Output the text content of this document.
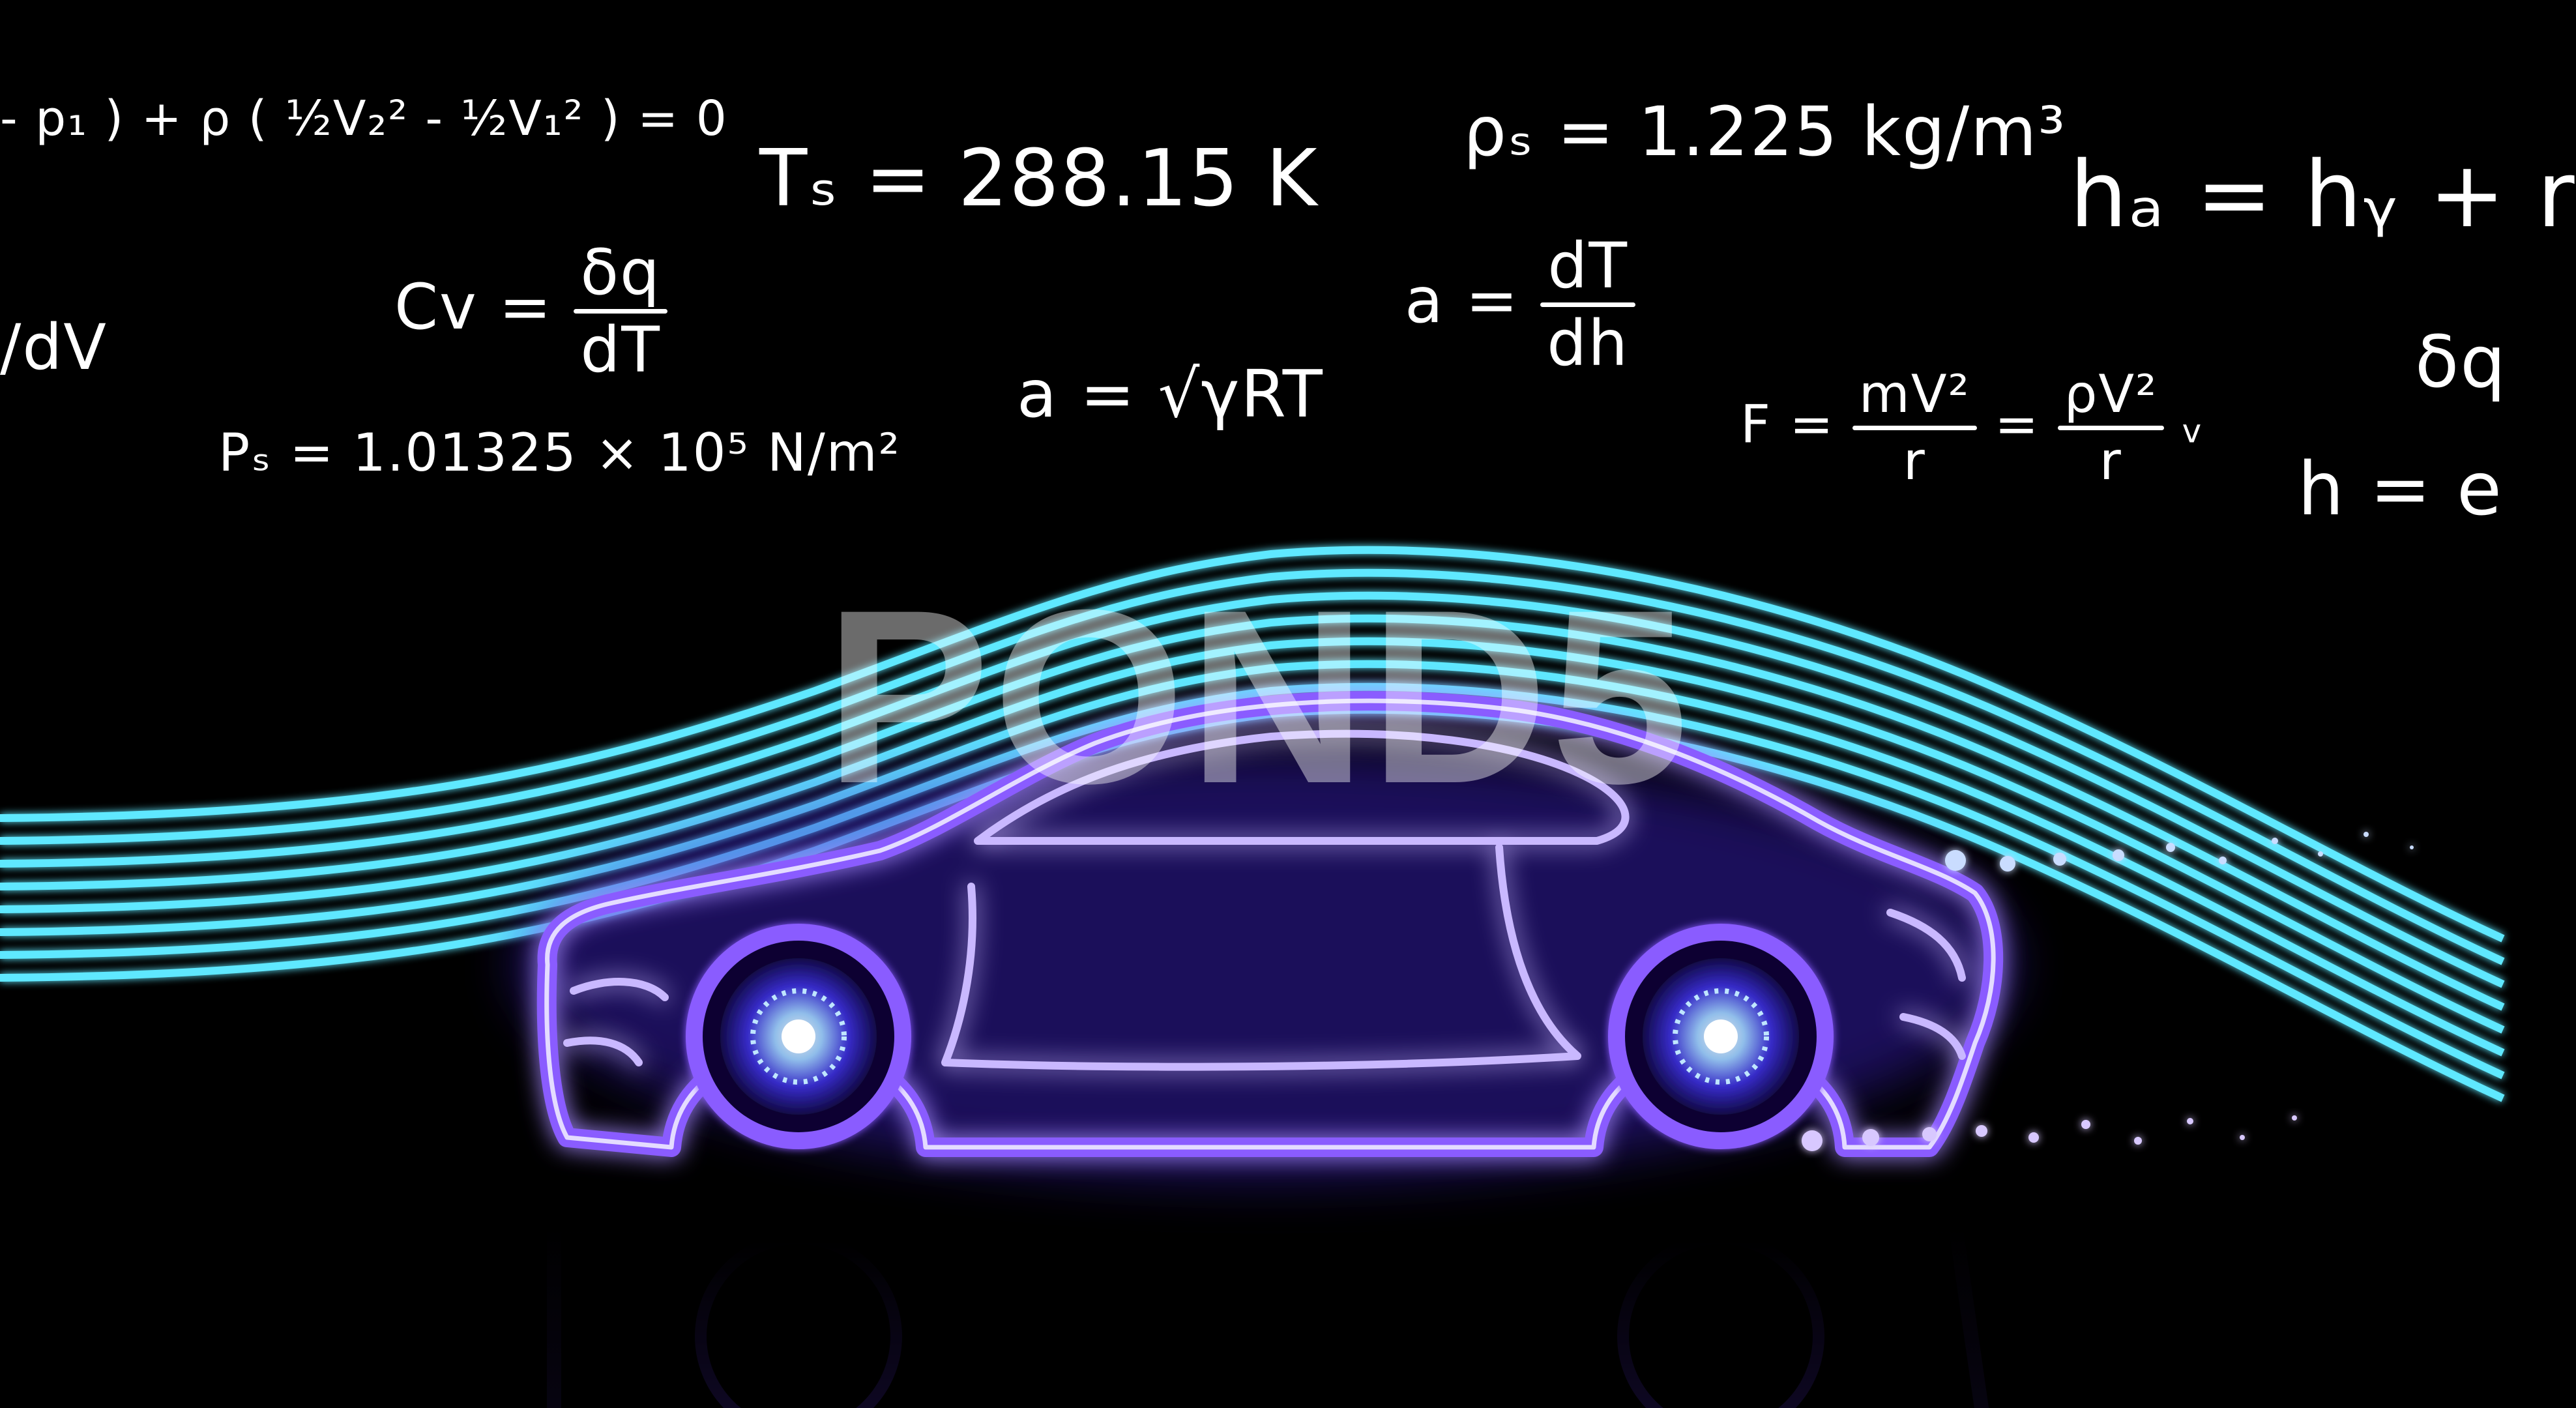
- p₁ ) + ρ ( ½V₂² - ½V₁² ) = 0
Tₛ = 288.15 K
ρₛ = 1.225 kg/m³
hₐ = hᵧ + r
/dV
Cv = δq
dT
a = √γRT
a = dT
dh	δq
Pₛ = 1.01325 × 10⁵ N/m²	F = mV²
r
= ρV²
r	v
h = e
POND5
